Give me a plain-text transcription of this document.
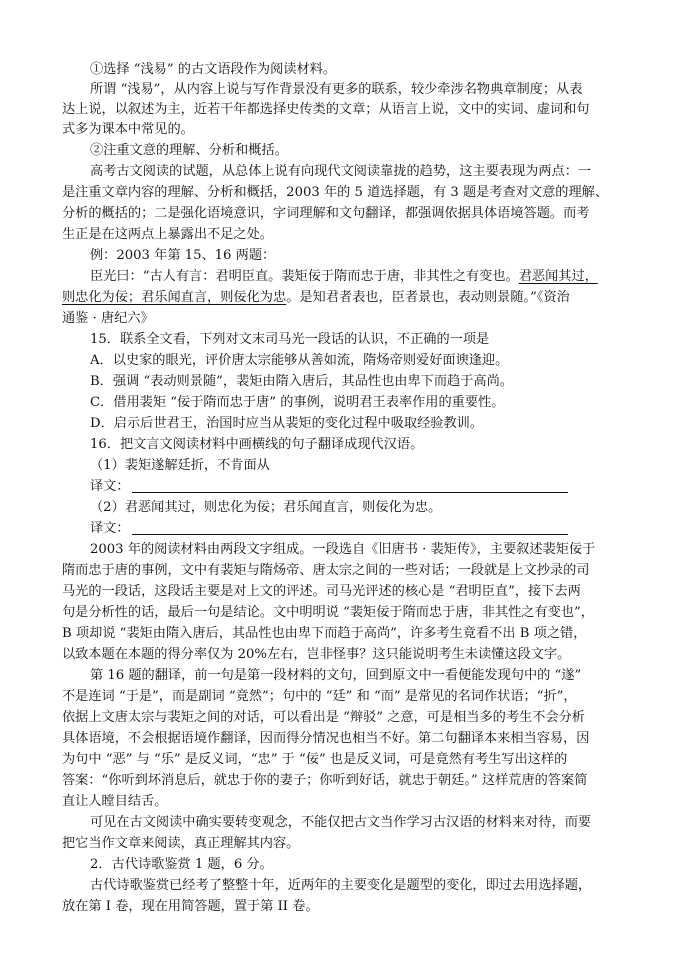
①选择 “浅易” 的古文语段作为阅读材料。
所谓 “浅易”，从内容上说与写作背景没有更多的联系，较少牵涉名物典章制度；从表
达上说，以叙述为主，近若干年都选择史传类的文章；从语言上说，文中的实词、虚词和句
式多为课本中常见的。
②注重文意的理解、分析和概括。
高考古文阅读的试题，从总体上说有向现代文阅读靠拢的趋势，这主要表现为两点：一
是注重文章内容的理解、分析和概括，2003 年的 5 道选择题，有 3 题是考查对文意的理解、
分析的概括的；二是强化语境意识，字词理解和文句翻译，都强调依据具体语境答题。而考
生正是在这两点上暴露出不足之处。
例：2003 年第 15、16 两题：
臣光曰：“古人有言：君明臣直。裴矩佞于隋而忠于唐，非其性之有变也。君恶闻其过，
则忠化为佞；君乐闻直言，则佞化为忠。是知君者表也，臣者景也，表动则景随。”《资治
通鉴 · 唐纪六》
15．联系全文看，下列对文末司马光一段话的认识，不正确的一项是
A．以史家的眼光，评价唐太宗能够从善如流，隋炀帝则爱好面谀逢迎。
B．强调 “表动则景随”，裴矩由隋入唐后，其品性也由卑下而趋于高尚。
C．借用裴矩 “佞于隋而忠于唐” 的事例，说明君王表率作用的重要性。
D．启示后世君王，治国时应当从裴矩的变化过程中吸取经验教训。
16．把文言文阅读材料中画横线的句子翻译成现代汉语。
（1）裴矩遂解廷折，不肯面从
译文：
（2）君恶闻其过，则忠化为佞；君乐闻直言，则佞化为忠。
译文：
2003 年的阅读材料由两段文字组成。一段选自《旧唐书 · 裴矩传》，主要叙述裴矩佞于
隋而忠于唐的事例，文中有裴矩与隋炀帝、唐太宗之间的一些对话；一段就是上文抄录的司
马光的一段话，这段话主要是对上文的评述。司马光评述的核心是 “君明臣直”，接下去两
句是分析性的话，最后一句是结论。文中明明说 “裴矩佞于隋而忠于唐，非其性之有变也”，
B 项却说 “裴矩由隋入唐后，其品性也由卑下而趋于高尚”，许多考生竟看不出 B 项之错，
以致本题在本题的得分率仅为 20%左右，岂非怪事？这只能说明考生未读懂这段文字。
第 16 题的翻译，前一句是第一段材料的文句，回到原文中一看便能发现句中的 “遂”
不是连词 “于是”，而是副词 “竟然”；句中的 “廷” 和 “而” 是常见的名词作状语；“折”，
依据上文唐太宗与裴矩之间的对话，可以看出是 “辩驳” 之意，可是相当多的考生不会分析
具体语境，不会根据语境作翻译，因而得分情况也相当不好。第二句翻译本来相当容易，因
为句中 “恶” 与 “乐” 是反义词，“忠” 于 “佞” 也是反义词，可是竟然有考生写出这样的
答案：“你听到坏消息后，就忠于你的妻子；你听到好话，就忠于朝廷。” 这样荒唐的答案简
直让人瞠目结舌。
可见在古文阅读中确实要转变观念，不能仅把古文当作学习古汉语的材料来对待，而要
把它当作文章来阅读，真正理解其内容。
2．古代诗歌鉴赏 1 题，6 分。
古代诗歌鉴赏已经考了整整十年，近两年的主要变化是题型的变化，即过去用选择题，
放在第 I 卷，现在用简答题，置于第 II 卷。
